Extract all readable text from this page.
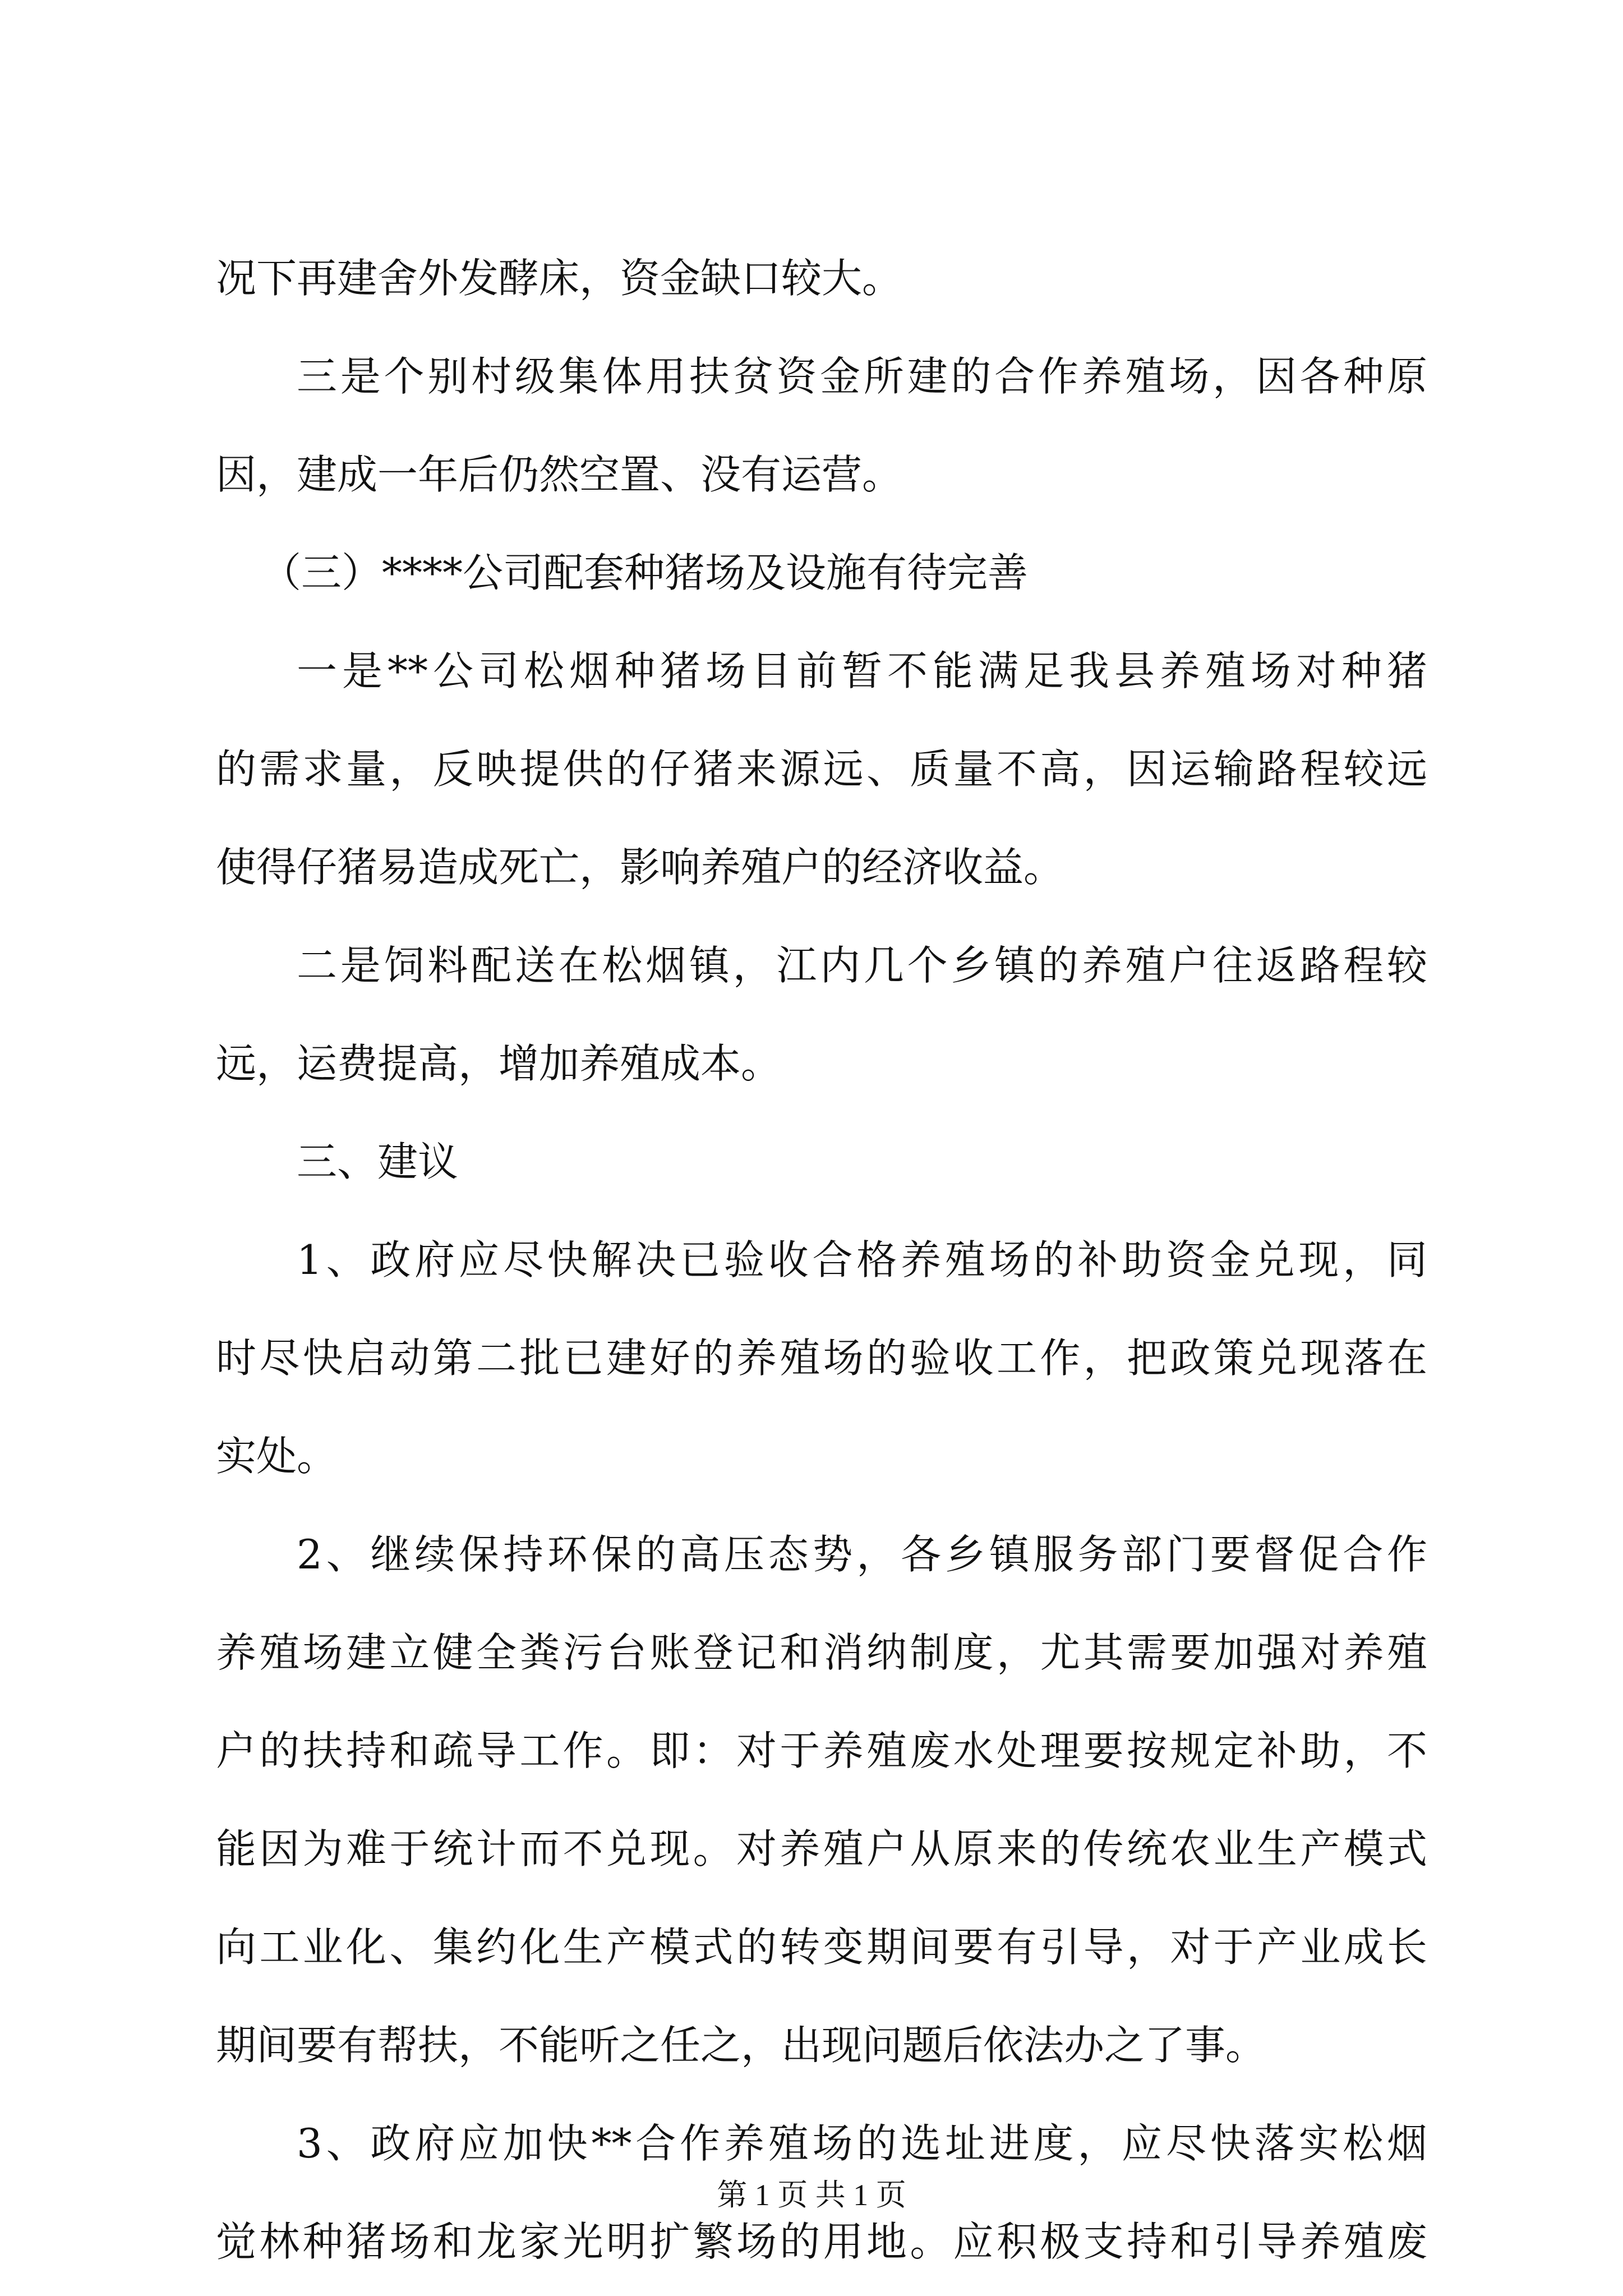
况下再建舍外发酵床，资金缺口较大。

三是个别村级集体用扶贫资金所建的合作养殖场，因各种原

因，建成一年后仍然空置、没有运营。

（三）****公司配套种猪场及设施有待完善

一是**公司松烟种猪场目前暂不能满足我县养殖场对种猪

的需求量，反映提供的仔猪来源远、质量不高，因运输路程较远

使得仔猪易造成死亡，影响养殖户的经济收益。

二是饲料配送在松烟镇，江内几个乡镇的养殖户往返路程较

远，运费提高，增加养殖成本。

三、建议

1、政府应尽快解决已验收合格养殖场的补助资金兑现，同

时尽快启动第二批已建好的养殖场的验收工作，把政策兑现落在

实处。

2、继续保持环保的高压态势，各乡镇服务部门要督促合作

养殖场建立健全粪污台账登记和消纳制度，尤其需要加强对养殖

户的扶持和疏导工作。即：对于养殖废水处理要按规定补助，不

能因为难于统计而不兑现。对养殖户从原来的传统农业生产模式

向工业化、集约化生产模式的转变期间要有引导，对于产业成长

期间要有帮扶，不能听之任之，出现问题后依法办之了事。

3、政府应加快**合作养殖场的选址进度，应尽快落实松烟

觉林种猪场和龙家光明扩繁场的用地。应积极支持和引导养殖废

第 1 页 共 1 页
